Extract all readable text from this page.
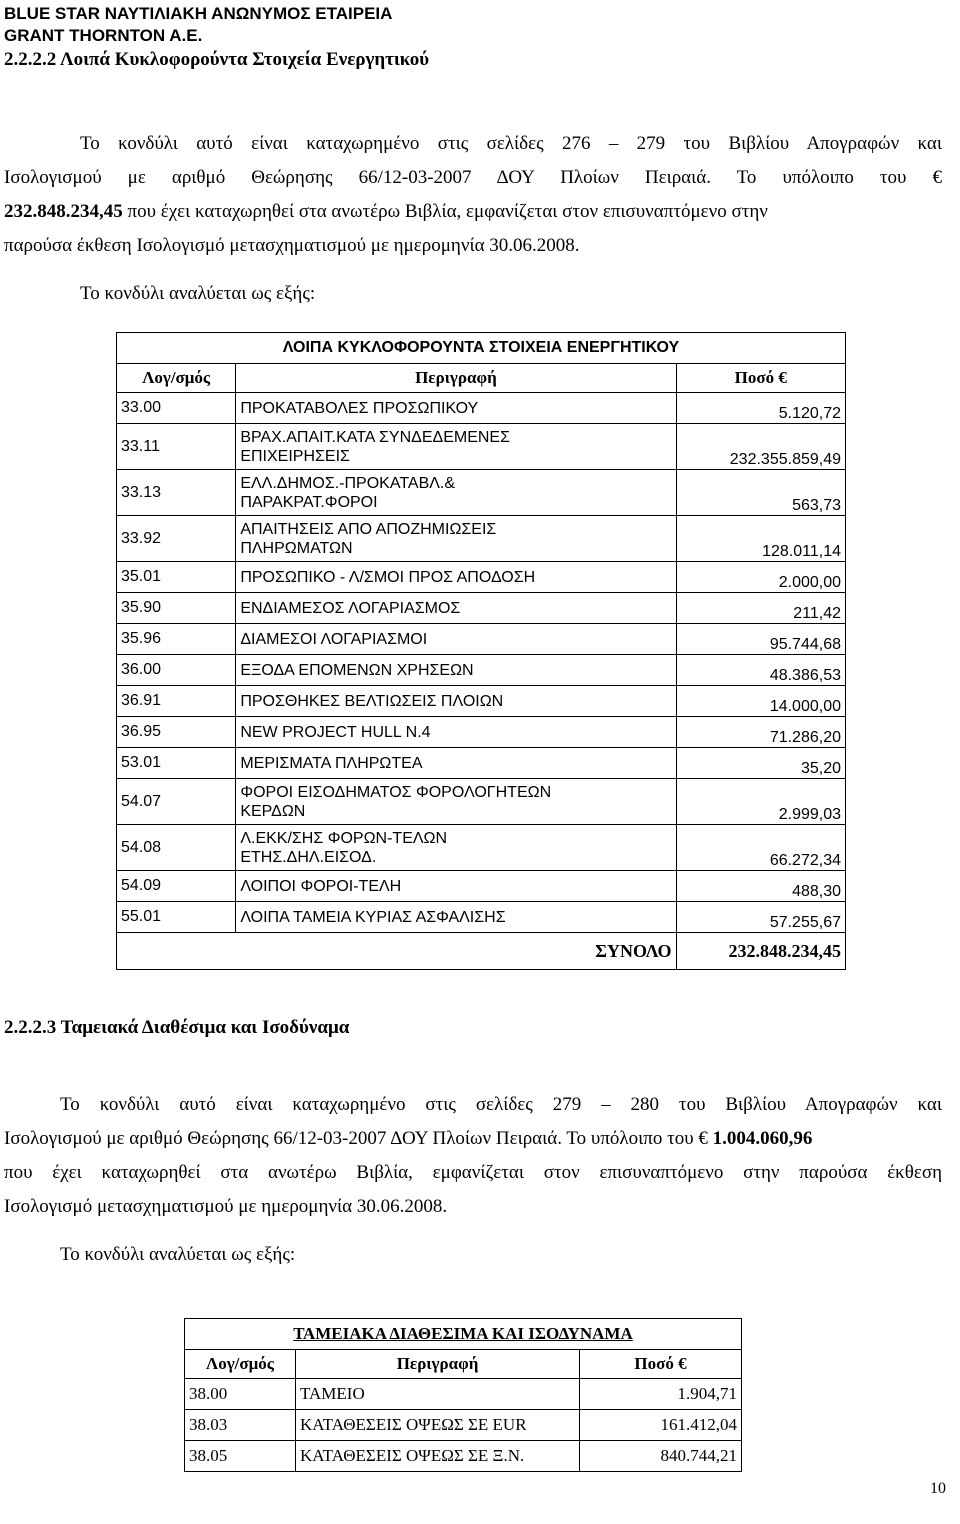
BLUE STAR ΝΑΥΤΙΛΙΑΚΗ ΑΝΩΝΥΜΟΣ ΕΤΑΙΡΕΙΑ
GRANT THORNTON A.E.
2.2.2.2 Λοιπά Κυκλοφορούντα Στοιχεία Ενεργητικού
Το κονδύλι αυτό είναι καταχωρημένο στις σελίδες 276 – 279 του Βιβλίου Απογραφών και
Ισολογισμού με αριθμό Θεώρησης 66/12-03-2007 ΔΟΥ Πλοίων Πειραιά. Το υπόλοιπο του €
232.848.234,45 που έχει καταχωρηθεί στα ανωτέρω Βιβλία, εμφανίζεται στον επισυναπτόμενο στην
παρούσα έκθεση Ισολογισμό μετασχηματισμού με ημερομηνία 30.06.2008.
Το κονδύλι αναλύεται ως εξής:
ΛΟΙΠΑ ΚΥΚΛΟΦΟΡΟΥΝΤΑ ΣΤΟΙΧΕΙΑ ΕΝΕΡΓΗΤΙΚΟΥ		
Λογ/σμός	Περιγραφή	Ποσό €
33.00	ΠΡΟΚΑΤΑΒΟΛΕΣ ΠΡΟΣΩΠΙΚΟΥ	5.120,72
33.11	ΒΡΑΧ.ΑΠΑΙΤ.ΚΑΤΑ ΣΥΝΔΕΔΕΜΕΝΕΣ
ΕΠΙΧΕΙΡΗΣΕΙΣ	232.355.859,49
33.13	ΕΛΛ.ΔΗΜΟΣ.-ΠΡΟΚΑΤΑΒΛ.&
ΠΑΡΑΚΡΑΤ.ΦΟΡΟΙ	563,73
33.92	ΑΠΑΙΤΗΣΕΙΣ ΑΠΟ ΑΠΟΖΗΜΙΩΣΕΙΣ
ΠΛΗΡΩΜΑΤΩΝ	128.011,14
35.01	ΠΡΟΣΩΠΙΚΟ - Λ/ΣΜΟΙ ΠΡΟΣ ΑΠΟΔΟΣΗ	2.000,00
35.90	ΕΝΔΙΑΜΕΣΟΣ ΛΟΓΑΡΙΑΣΜΟΣ	211,42
35.96	ΔΙΑΜΕΣΟΙ ΛΟΓΑΡΙΑΣΜΟΙ	95.744,68
36.00	ΕΞΟΔΑ ΕΠΟΜΕΝΩΝ ΧΡΗΣΕΩΝ	48.386,53
36.91	ΠΡΟΣΘΗΚΕΣ ΒΕΛΤΙΩΣΕΙΣ ΠΛΟΙΩΝ	14.000,00
36.95	NEW PROJECT HULL N.4	71.286,20
53.01	ΜΕΡΙΣΜΑΤΑ ΠΛΗΡΩΤΕΑ	35,20
54.07	ΦΟΡΟΙ ΕΙΣΟΔΗΜΑΤΟΣ ΦΟΡΟΛΟΓΗΤΕΩΝ
ΚΕΡΔΩΝ	2.999,03
54.08	Λ.ΕΚΚ/ΣΗΣ ΦΟΡΩΝ-ΤΕΛΩΝ
ΕΤΗΣ.ΔΗΛ.ΕΙΣΟΔ.	66.272,34
54.09	ΛΟΙΠΟΙ ΦΟΡΟΙ-ΤΕΛΗ	488,30
55.01	ΛΟΙΠΑ ΤΑΜΕΙΑ ΚΥΡΙΑΣ ΑΣΦΑΛΙΣΗΣ	57.255,67
	ΣΥΝΟΛΟ	232.848.234,45
2.2.2.3 Ταμειακά Διαθέσιμα και Ισοδύναμα
Το κονδύλι αυτό είναι καταχωρημένο στις σελίδες 279 – 280 του Βιβλίου Απογραφών και
Ισολογισμού με αριθμό Θεώρησης 66/12-03-2007 ΔΟΥ Πλοίων Πειραιά. Το υπόλοιπο του € 1.004.060,96
που έχει καταχωρηθεί στα ανωτέρω Βιβλία, εμφανίζεται στον επισυναπτόμενο στην παρούσα έκθεση
Ισολογισμό μετασχηματισμού με ημερομηνία 30.06.2008.
Το κονδύλι αναλύεται ως εξής:
ΤΑΜΕΙΑΚΑ ΔΙΑΘΕΣΙΜΑ ΚΑΙ ΙΣΟΔΥΝΑΜΑ		
Λογ/σμός	Περιγραφή	Ποσό €
38.00	ΤΑΜΕΙΟ	1.904,71
38.03	ΚΑΤΑΘΕΣΕΙΣ ΟΨΕΩΣ ΣΕ EUR	161.412,04
38.05	ΚΑΤΑΘΕΣΕΙΣ ΟΨΕΩΣ ΣΕ Ξ.Ν.	840.744,21
10
